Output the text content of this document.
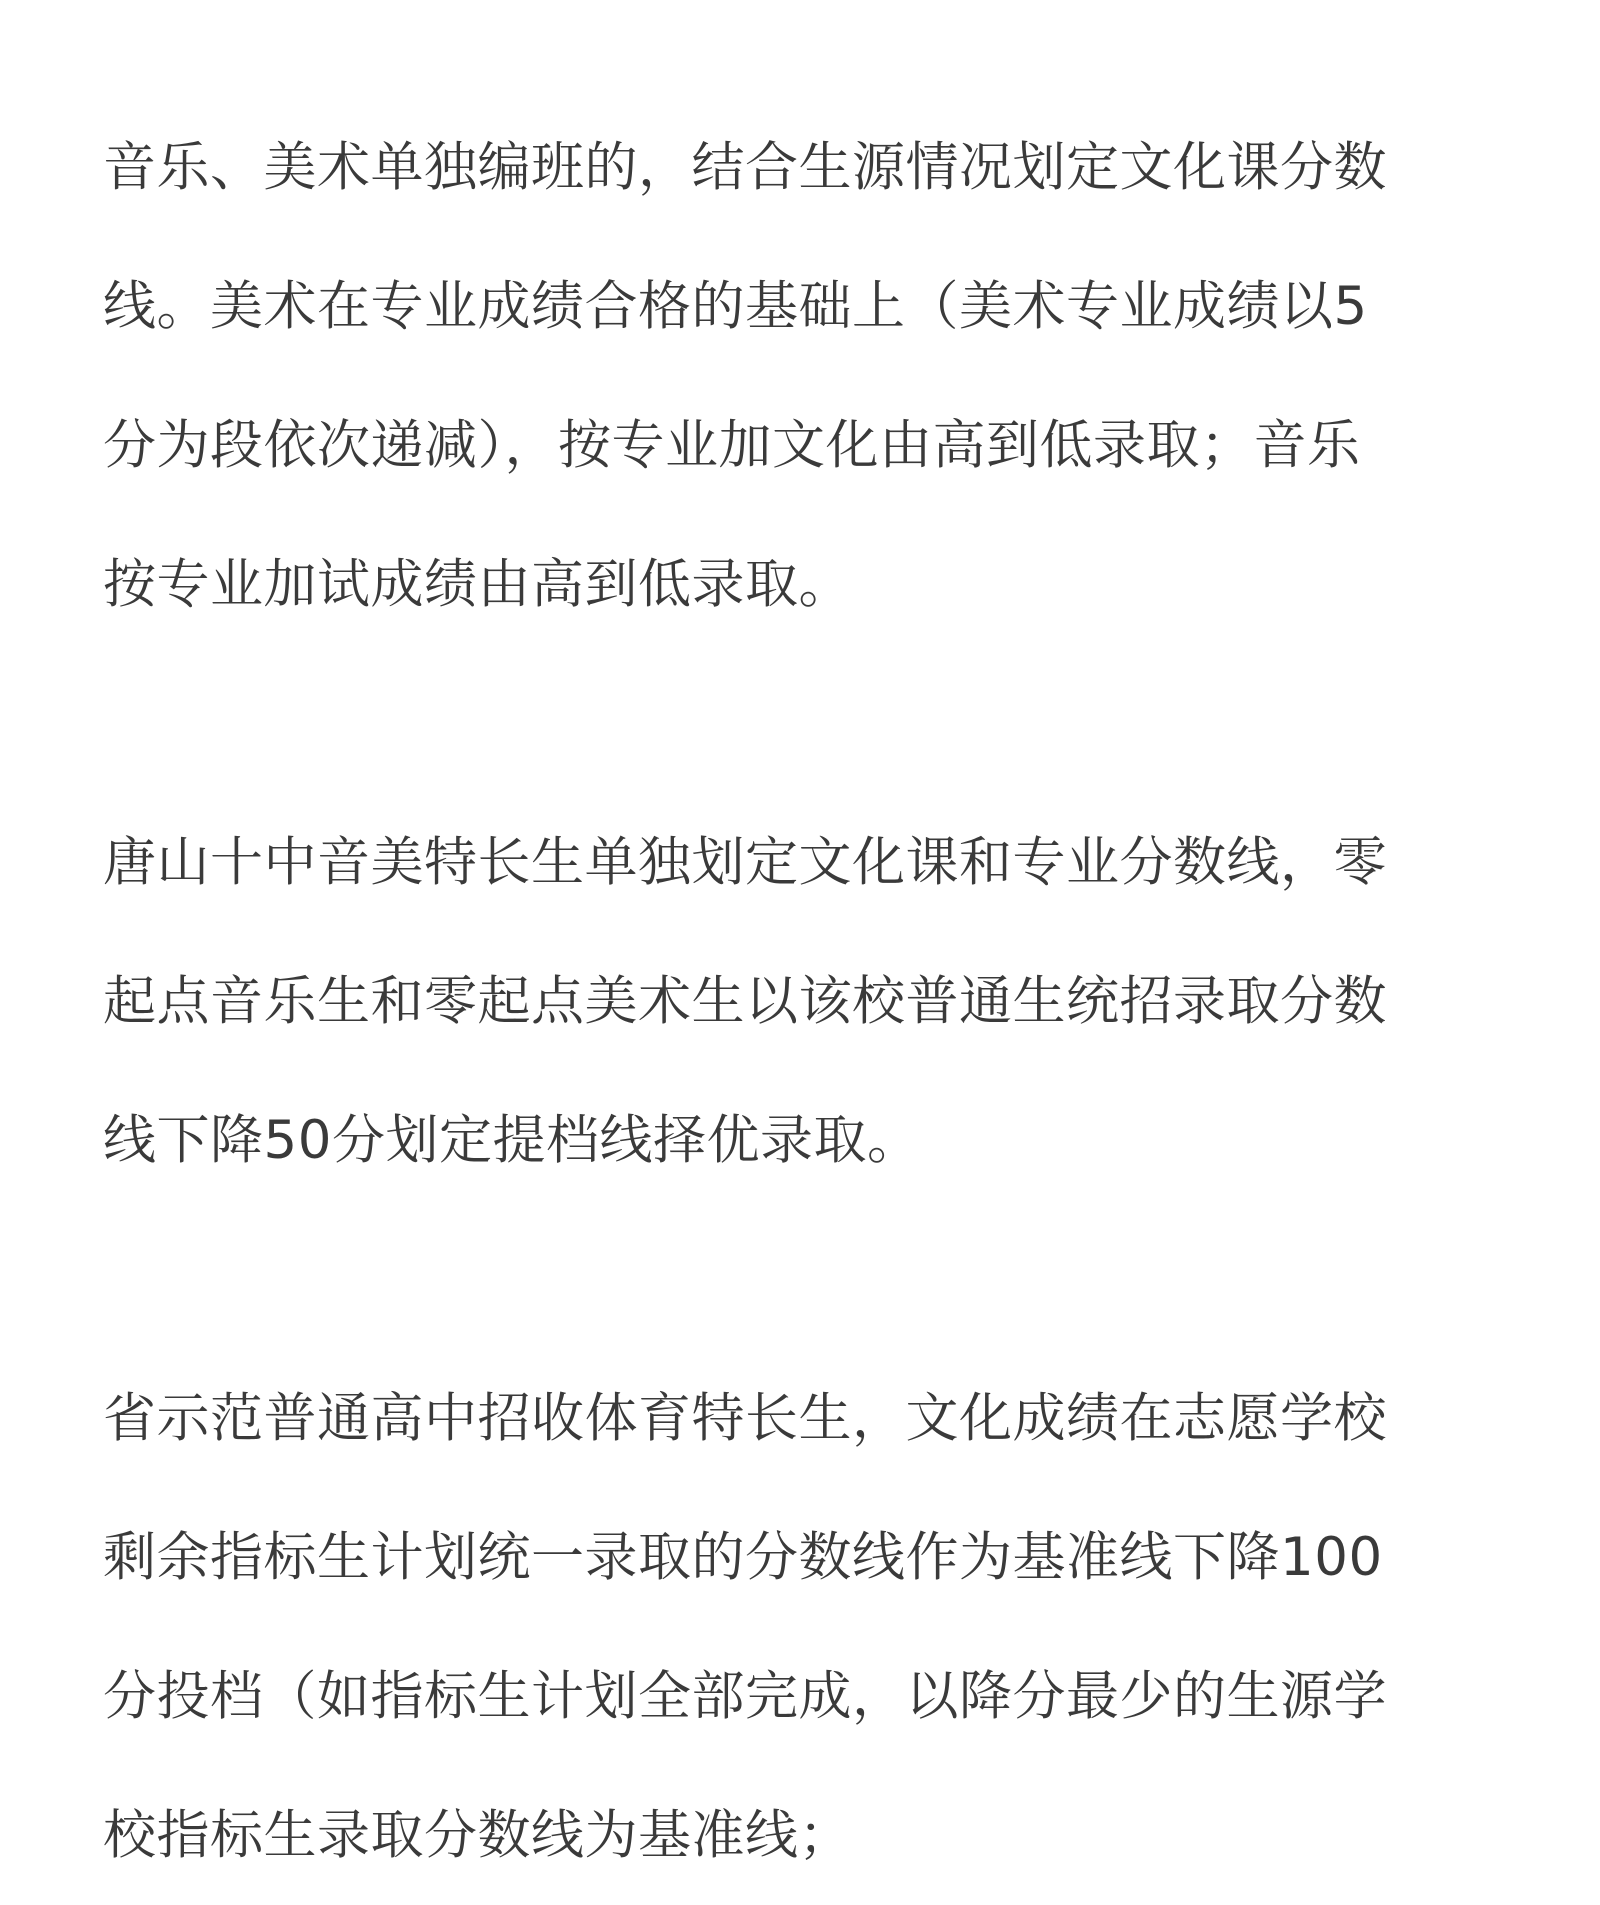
音乐、美术单独编班的，结合生源情况划定文化课分数
线。美术在专业成绩合格的基础上（美术专业成绩以5
分为段依次递减），按专业加文化由高到低录取；音乐
按专业加试成绩由高到低录取。
唐山十中音美特长生单独划定文化课和专业分数线，零
起点音乐生和零起点美术生以该校普通生统招录取分数
线下降50分划定提档线择优录取。
省示范普通高中招收体育特长生，文化成绩在志愿学校
剩余指标生计划统一录取的分数线作为基准线下降100
分投档（如指标生计划全部完成，以降分最少的生源学
校指标生录取分数线为基准线；
